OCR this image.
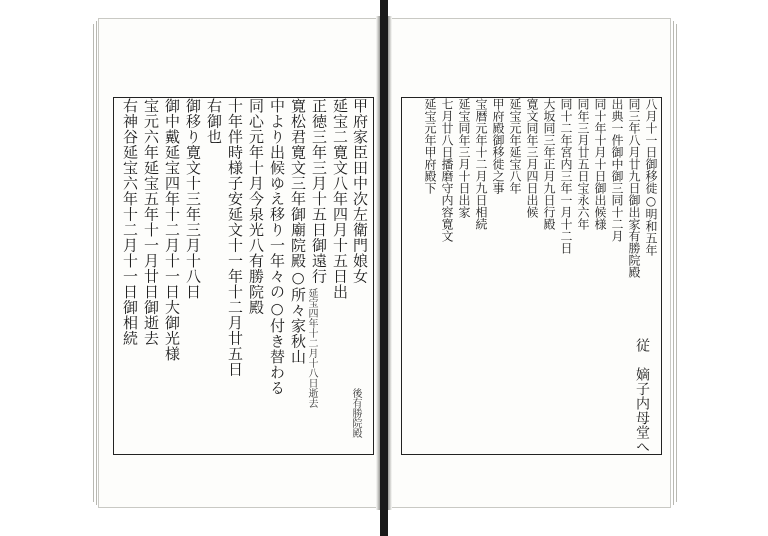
甲府家臣田中次左衛門娘女
延宝二寛文八年四月十五日出
正徳三年三月十五日御遠行
寛松君寛文三年御廟院殿○所々家秋山
中より出候ゆえ移り一年々の○付き替わる
同心元年十月今泉光八有勝院殿
十年伴時様子安延文十一年十二月廿五日
右御也
御移り寛文十三年三月十八日
御中戴延宝四年十二月十一日大御光様
宝元六年延宝五年十一月廿日御逝去
右神谷延宝六年十二月十一日御相続
延宝四年十二月十八日逝去
後有勝院殿
八月十一日御移徙○明和五年
同三年八月廿九日御出家有勝院殿
出典一件御中御三同十二月
同十年十月十日御出候様
同年三月廿五日宝永六年
同十二年宮内三年一月十二日
大坂同三年正月九日行殿
寛文同年三月四日出候
延宝元年延宝八年
甲府殿御移徙之事
宝暦元年十二月九日相続
延宝同年三月十日出家
七月廿八日播磨守内容寛文
延宝元年甲府殿下
従　嫡子内母堂へ
